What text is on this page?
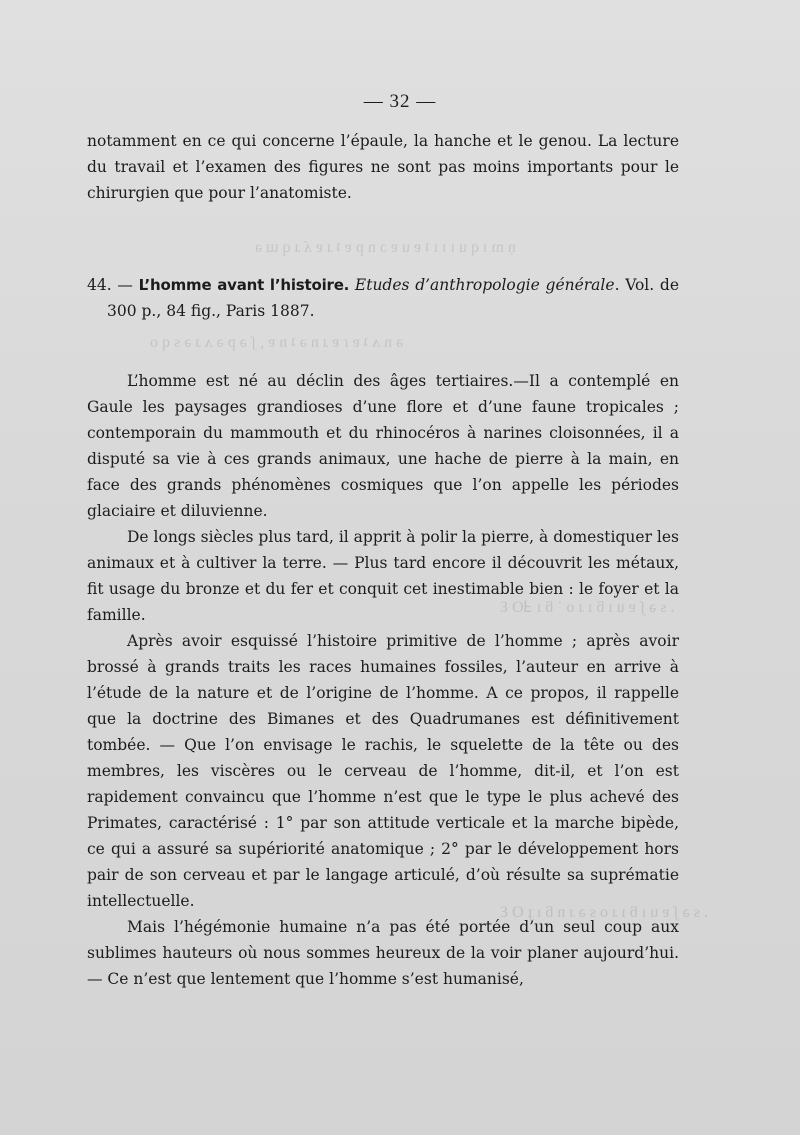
ṇ m ɪ q u ɪ ɪ ı ʇ ɐ u ɐ ɔ n p ɐ ʇ ɹ ɐ ʎ ɹ q ɯ ǝ
ǝ n ʌ ʇ ɐ ɾ ɐ ɹ n ǝ ʇ n ɐ , ʃ ǝ p ǝ ʌ ɹ ǝ s q o
. s ǝ ʃ ɐ u ı ƃ ı ɹ o ˙ ƃ ı ℲO Ɛ
. s ǝ ʃ ɐ u ı ƃ ı ɹ o s ǝ ɹ n ƃ ı ɟ O Ɛ
— 32 —

notamment en ce qui concerne l’épaule, la hanche et le genou. La lecture du travail et l’examen des figures ne sont pas moins importants pour le chirurgien que pour l’anatomiste.

44. — L’homme avant l’histoire. Etudes d’anthropologie générale. Vol. de 300 p., 84 fig., Paris 1887.

L’homme est né au déclin des âges tertiaires.—Il a contemplé en Gaule les paysages grandioses d’une flore et d’une faune tropicales ; contemporain du mammouth et du rhinocéros à narines cloisonnées, il a disputé sa vie à ces grands animaux, une hache de pierre à la main, en face des grands phénomènes cosmiques que l’on appelle les périodes glaciaire et diluvienne.

De longs siècles plus tard, il apprit à polir la pierre, à domestiquer les animaux et à cultiver la terre. — Plus tard encore il découvrit les métaux, fit usage du bronze et du fer et conquit cet inestimable bien : le foyer et la famille.

Après avoir esquissé l’histoire primitive de l’homme ; après avoir brossé à grands traits les races humaines fossiles, l’auteur en arrive à l’étude de la nature et de l’origine de l’homme. A ce propos, il rappelle que la doctrine des Bimanes et des Quadrumanes est définitivement tombée. — Que l’on envisage le rachis, le squelette de la tête ou des membres, les viscères ou le cerveau de l’homme, dit-il, et l’on est rapidement convaincu que l’homme n’est que le type le plus achevé des Primates, caractérisé : 1° par son attitude verticale et la marche bipède, ce qui a assuré sa supériorité anatomique ; 2° par le développement hors pair de son cerveau et par le langage articulé, d’où résulte sa suprématie intellectuelle.

Mais l’hégémonie humaine n’a pas été portée d’un seul coup aux sublimes hauteurs où nous sommes heureux de la voir planer aujourd’hui. — Ce n’est que lentement que l’homme s’est humanisé,
